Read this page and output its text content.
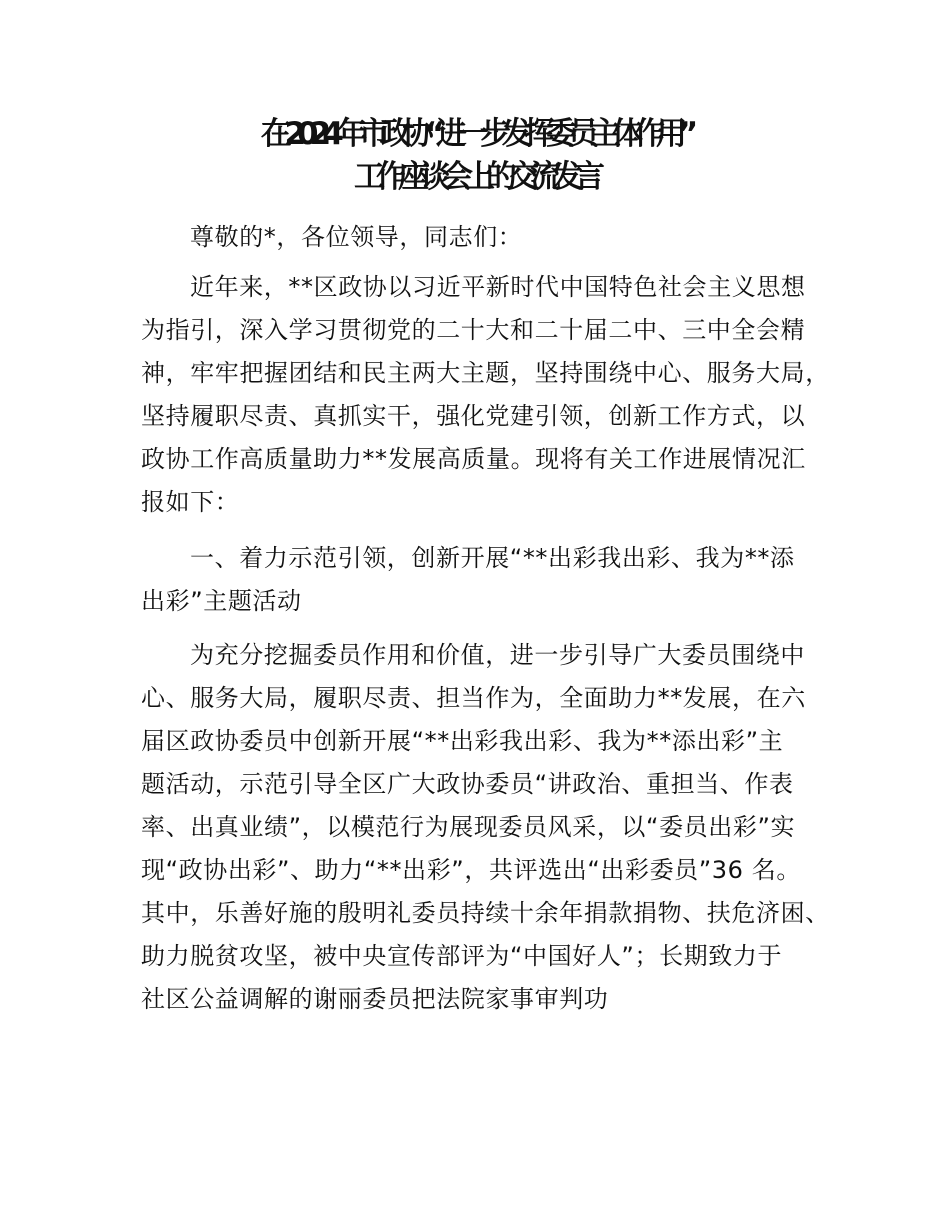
在 2024 年市政协“进一步发挥委员主体作用”
工作座谈会上的交流发言

尊敬的*，各位领导，同志们：

近年来，**区政协以习近平新时代中国特色社会主义思想

为指引，深入学习贯彻党的二十大和二十届二中、三中全会精

神，牢牢把握团结和民主两大主题，坚持围绕中心、服务大局，

坚持履职尽责、真抓实干，强化党建引领，创新工作方式，以

政协工作高质量助力**发展高质量。现将有关工作进展情况汇

报如下：

一、着力示范引领，创新开展“**出彩我出彩、我为**添

出彩”主题活动

为充分挖掘委员作用和价值，进一步引导广大委员围绕中

心、服务大局，履职尽责、担当作为，全面助力**发展，在六

届区政协委员中创新开展“**出彩我出彩、我为**添出彩”主

题活动，示范引导全区广大政协委员“讲政治、重担当、作表

率、出真业绩”，以模范行为展现委员风采，以“委员出彩”实

现“政协出彩”、助力“**出彩”，共评选出“出彩委员”36 名。

其中，乐善好施的殷明礼委员持续十余年捐款捐物、扶危济困、

助力脱贫攻坚，被中央宣传部评为“中国好人”；长期致力于

社区公益调解的谢丽委员把法院家事审判功
